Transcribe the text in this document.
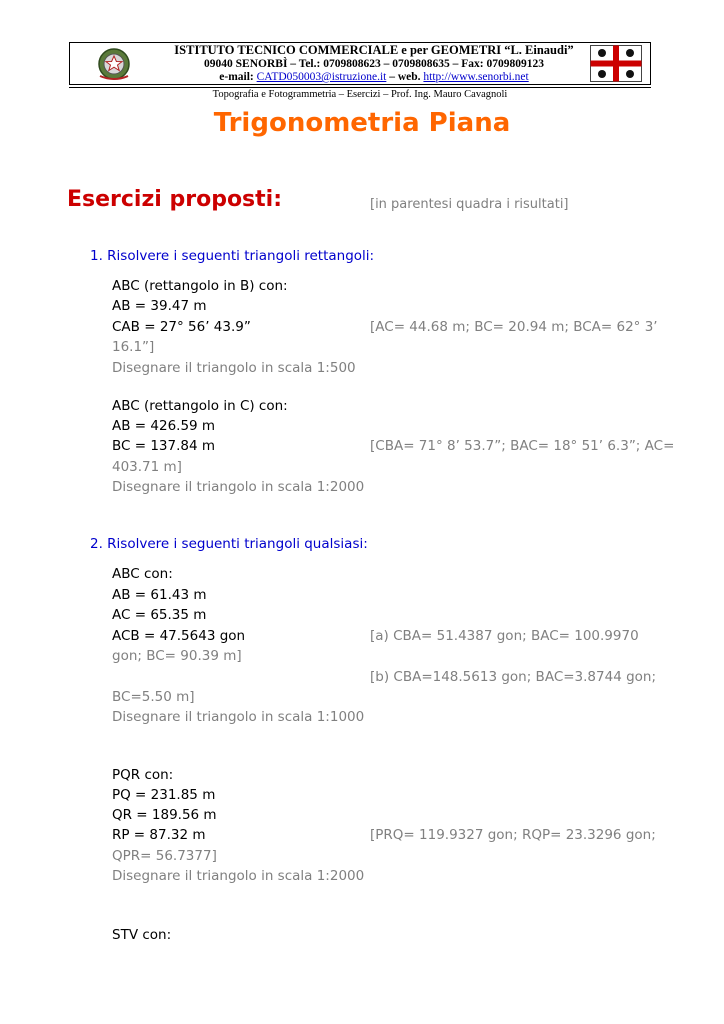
ISTITUTO TECNICO COMMERCIALE e per GEOMETRI “L. Einaudi”
09040 SENORBÌ – Tel.: 0709808623 – 0709808635 – Fax: 0709809123
e-mail: CATD050003@istruzione.it – web. http://www.senorbi.net
Topografia e Fotogrammetria – Esercizi – Prof. Ing. Mauro Cavagnoli
Trigonometria Piana
Esercizi proposti:	[in parentesi quadra i risultati]
1. Risolvere i seguenti triangoli rettangoli:
ABC (rettangolo in B) con:
AB = 39.47 m
CAB = 27° 56’ 43.9”	[AC= 44.68 m; BC= 20.94 m; BCA= 62° 3’
16.1”]
Disegnare il triangolo in scala 1:500
ABC (rettangolo in C) con:
AB = 426.59 m
BC = 137.84 m	[CBA= 71° 8’ 53.7”; BAC= 18° 51’ 6.3”; AC=
403.71 m]
Disegnare il triangolo in scala 1:2000
2. Risolvere i seguenti triangoli qualsiasi:
ABC con:
AB = 61.43 m
AC = 65.35 m
ACB = 47.5643 gon	[a) CBA= 51.4387 gon; BAC= 100.9970
gon; BC= 90.39 m]
[b) CBA=148.5613 gon; BAC=3.8744 gon;
BC=5.50 m]
Disegnare il triangolo in scala 1:1000
PQR con:
PQ = 231.85 m
QR = 189.56 m
RP = 87.32 m	[PRQ= 119.9327 gon; RQP= 23.3296 gon;
QPR= 56.7377]
Disegnare il triangolo in scala 1:2000
STV con:
